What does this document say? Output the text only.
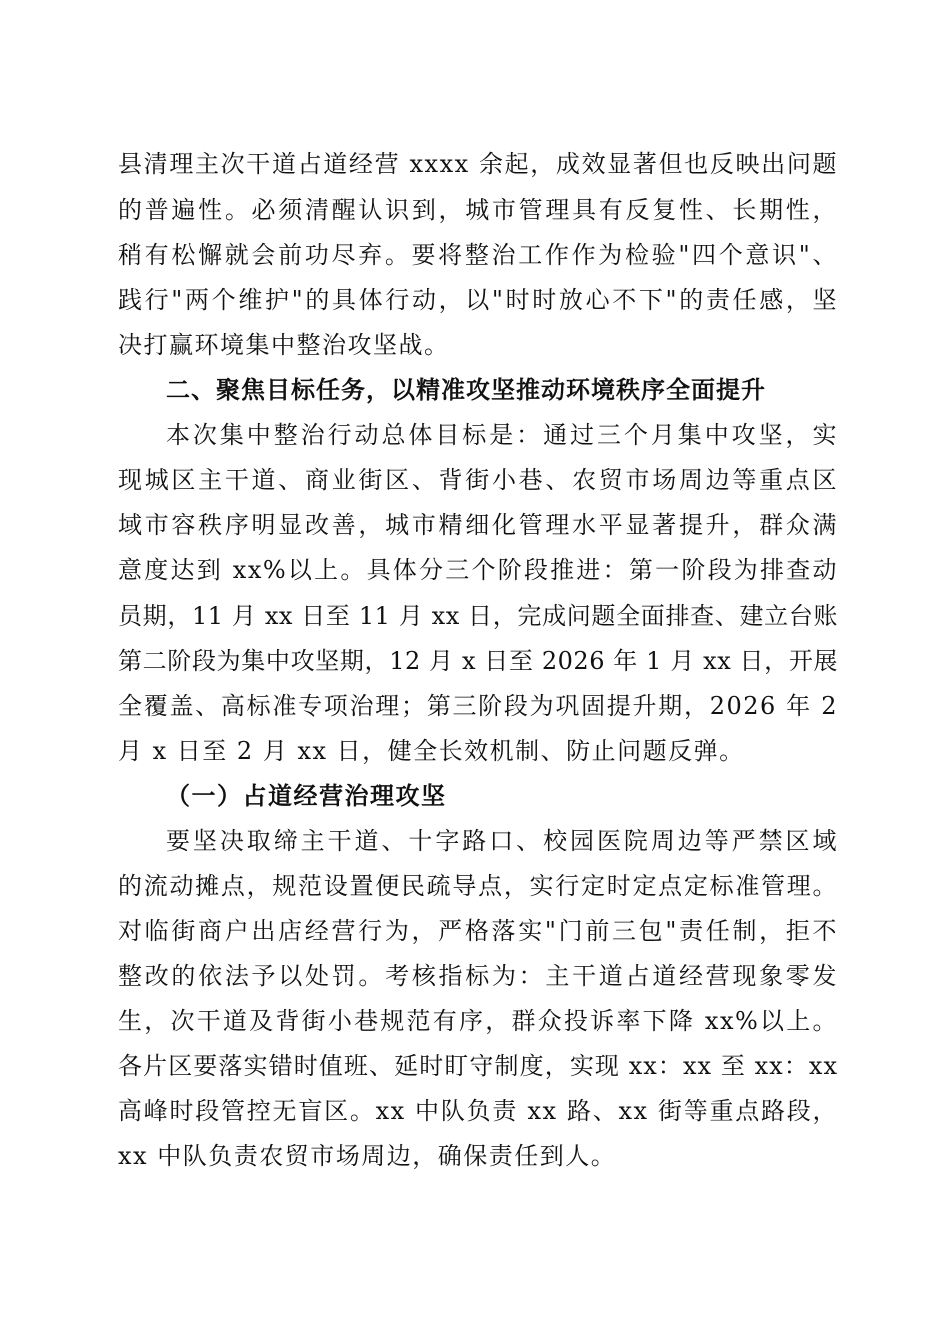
县清理主次干道占道经营 xxxx 余起，成效显著但也反映出问题
的普遍性。必须清醒认识到，城市管理具有反复性、长期性，
稍有松懈就会前功尽弃。要将整治工作作为检验"四个意识"、
践行"两个维护"的具体行动，以"时时放心不下"的责任感，坚
决打赢环境集中整治攻坚战。
二、聚焦目标任务，以精准攻坚推动环境秩序全面提升
本次集中整治行动总体目标是：通过三个月集中攻坚，实
现城区主干道、商业街区、背街小巷、农贸市场周边等重点区
域市容秩序明显改善，城市精细化管理水平显著提升，群众满
意度达到 xx%以上。具体分三个阶段推进：第一阶段为排查动
员期，11 月 xx 日至 11 月 xx 日，完成问题全面排查、建立台账
第二阶段为集中攻坚期，12 月 x 日至 2026 年 1 月 xx 日，开展
全覆盖、高标准专项治理；第三阶段为巩固提升期，2026 年 2
月 x 日至 2 月 xx 日，健全长效机制、防止问题反弹。
（一）占道经营治理攻坚
要坚决取缔主干道、十字路口、校园医院周边等严禁区域
的流动摊点，规范设置便民疏导点，实行定时定点定标准管理。
对临街商户出店经营行为，严格落实"门前三包"责任制，拒不
整改的依法予以处罚。考核指标为：主干道占道经营现象零发
生，次干道及背街小巷规范有序，群众投诉率下降 xx%以上。
各片区要落实错时值班、延时盯守制度，实现 xx：xx 至 xx：xx
高峰时段管控无盲区。xx 中队负责 xx 路、xx 街等重点路段，
xx 中队负责农贸市场周边，确保责任到人。
